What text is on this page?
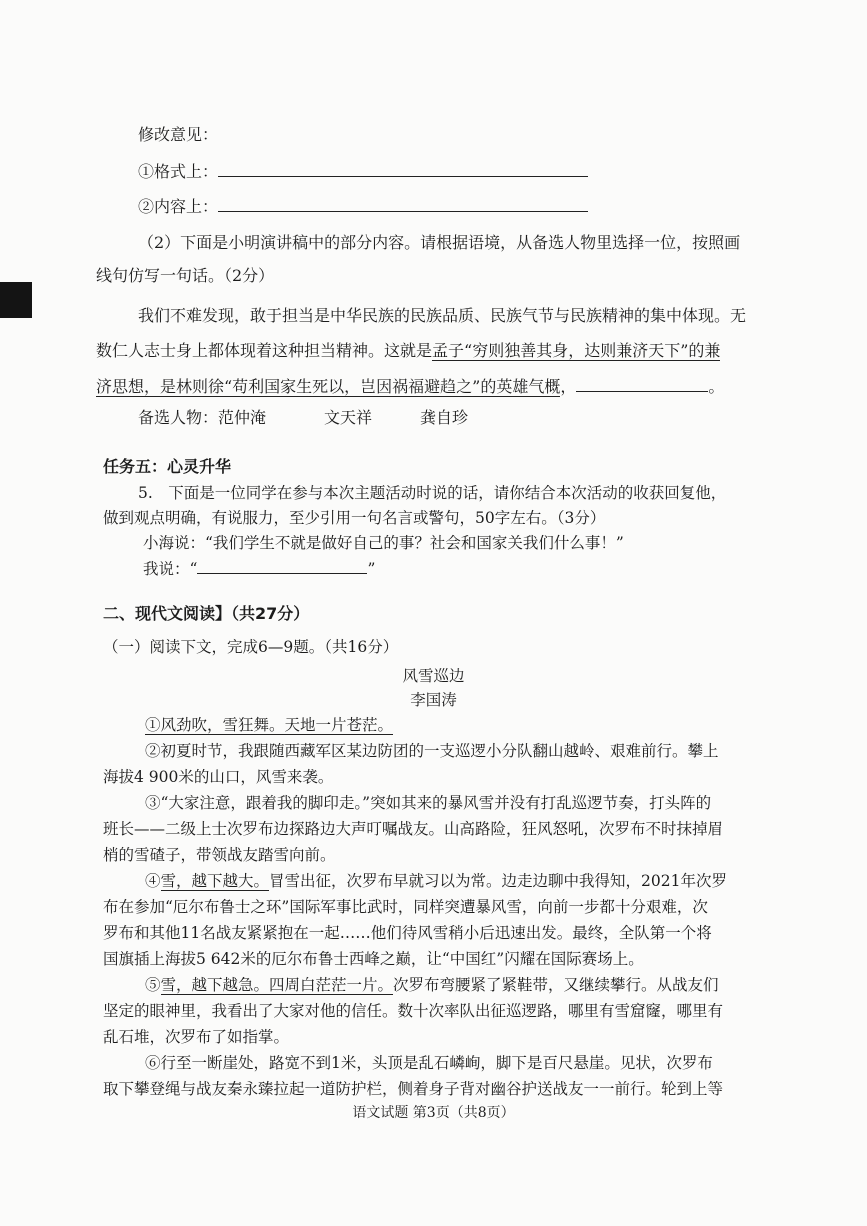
修改意见：
①格式上：
②内容上：
（2）下面是小明演讲稿中的部分内容。请根据语境，从备选人物里选择一位，按照画
线句仿写一句话。（2分）
我们不难发现，敢于担当是中华民族的民族品质、民族气节与民族精神的集中体现。无
数仁人志士身上都体现着这种担当精神。这就是孟子“穷则独善其身，达则兼济天下”的兼
济思想，是林则徐“苟利国家生死以，岂因祸福避趋之”的英雄气概，	。
备选人物：范仲淹	文天祥	龚自珍
任务五：心灵升华
5.　下面是一位同学在参与本次主题活动时说的话，请你结合本次活动的收获回复他，
做到观点明确，有说服力，至少引用一句名言或警句，50字左右。（3分）
小海说：“我们学生不就是做好自己的事？社会和国家关我们什么事！”
我说：“	”
二、现代文阅读】（共27分）
（一）阅读下文，完成6—9题。（共16分）
风雪巡边
李国涛
①风劲吹，雪狂舞。天地一片苍茫。
②初夏时节，我跟随西藏军区某边防团的一支巡逻小分队翻山越岭、艰难前行。攀上
海拔4 900米的山口，风雪来袭。
③“大家注意，跟着我的脚印走。”突如其来的暴风雪并没有打乱巡逻节奏，打头阵的
班长——二级上士次罗布边探路边大声叮嘱战友。山高路险，狂风怒吼，次罗布不时抹掉眉
梢的雪碴子，带领战友踏雪向前。
④雪，越下越大。冒雪出征，次罗布早就习以为常。边走边聊中我得知，2021年次罗
布在参加“厄尔布鲁士之环”国际军事比武时，同样突遭暴风雪，向前一步都十分艰难，次
罗布和其他11名战友紧紧抱在一起……他们待风雪稍小后迅速出发。最终，全队第一个将
国旗插上海拔5 642米的厄尔布鲁士西峰之巅，让“中国红”闪耀在国际赛场上。
⑤雪，越下越急。四周白茫茫一片。次罗布弯腰紧了紧鞋带，又继续攀行。从战友们
坚定的眼神里，我看出了大家对他的信任。数十次率队出征巡逻路，哪里有雪窟窿，哪里有
乱石堆，次罗布了如指掌。
⑥行至一断崖处，路宽不到1米，头顶是乱石嶙峋，脚下是百尺悬崖。见状，次罗布
取下攀登绳与战友秦永臻拉起一道防护栏，侧着身子背对幽谷护送战友一一前行。轮到上等
语文试题 第3页（共8页）
